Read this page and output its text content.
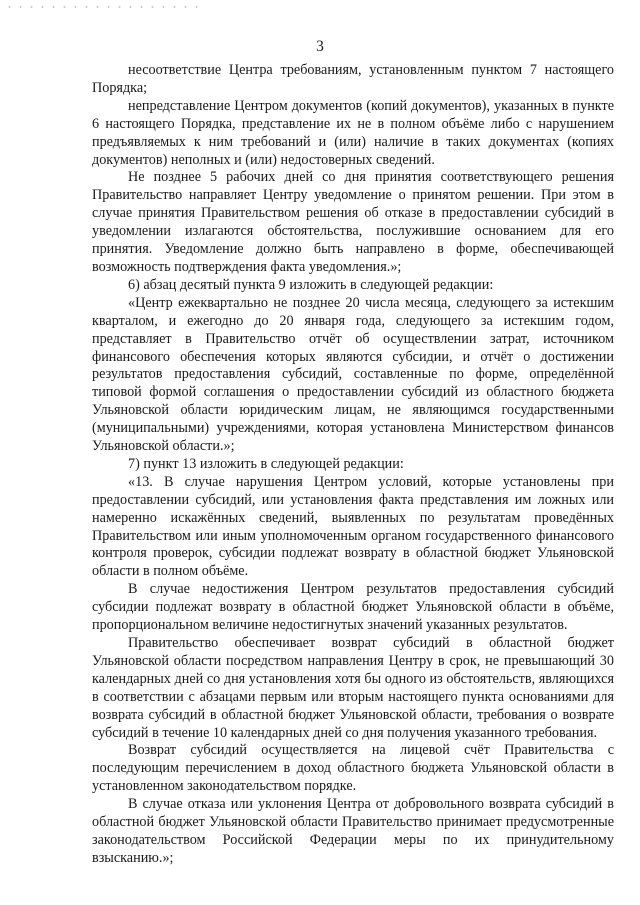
3

несоответствие Центра требованиям, установленным пунктом 7 настоящего Порядка;

непредставление Центром документов (копий документов), указанных в пункте 6 настоящего Порядка, представление их не в полном объёме либо с нарушением предъявляемых к ним требований и (или) наличие в таких документах (копиях документов) неполных и (или) недостоверных сведений.

Не позднее 5 рабочих дней со дня принятия соответствующего решения Правительство направляет Центру уведомление о принятом решении. При этом в случае принятия Правительством решения об отказе в предоставлении субсидий в уведомлении излагаются обстоятельства, послужившие основанием для его принятия. Уведомление должно быть направлено в форме, обеспечивающей возможность подтверждения факта уведомления.»;

6) абзац десятый пункта 9 изложить в следующей редакции:

«Центр ежеквартально не позднее 20 числа месяца, следующего за истекшим кварталом, и ежегодно до 20 января года, следующего за истекшим годом, представляет в Правительство отчёт об осуществлении затрат, источником финансового обеспечения которых являются субсидии, и отчёт о достижении результатов предоставления субсидий, составленные по форме, определённой типовой формой соглашения о предоставлении субсидий из областного бюджета Ульяновской области юридическим лицам, не являющимся государственными (муниципальными) учреждениями, которая установлена Министерством финансов Ульяновской области.»;

7) пункт 13 изложить в следующей редакции:

«13. В случае нарушения Центром условий, которые установлены при предоставлении субсидий, или установления факта представления им ложных или намеренно искажённых сведений, выявленных по результатам проведённых Правительством или иным уполномоченным органом государственного финансового контроля проверок, субсидии подлежат возврату в областной бюджет Ульяновской области в полном объёме.

В случае недостижения Центром результатов предоставления субсидий субсидии подлежат возврату в областной бюджет Ульяновской области в объёме, пропорциональном величине недостигнутых значений указанных результатов.

Правительство обеспечивает возврат субсидий в областной бюджет Ульяновской области посредством направления Центру в срок, не превышающий 30 календарных дней со дня установления хотя бы одного из обстоятельств, являющихся в соответствии с абзацами первым или вторым настоящего пункта основаниями для возврата субсидий в областной бюджет Ульяновской области, требования о возврате субсидий в течение 10 календарных дней со дня получения указанного требования.

Возврат субсидий осуществляется на лицевой счёт Правительства с последующим перечислением в доход областного бюджета Ульяновской области в установленном законодательством порядке.

В случае отказа или уклонения Центра от добровольного возврата субсидий в областной бюджет Ульяновской области Правительство принимает предусмотренные законодательством Российской Федерации меры по их принудительному взысканию.»;
